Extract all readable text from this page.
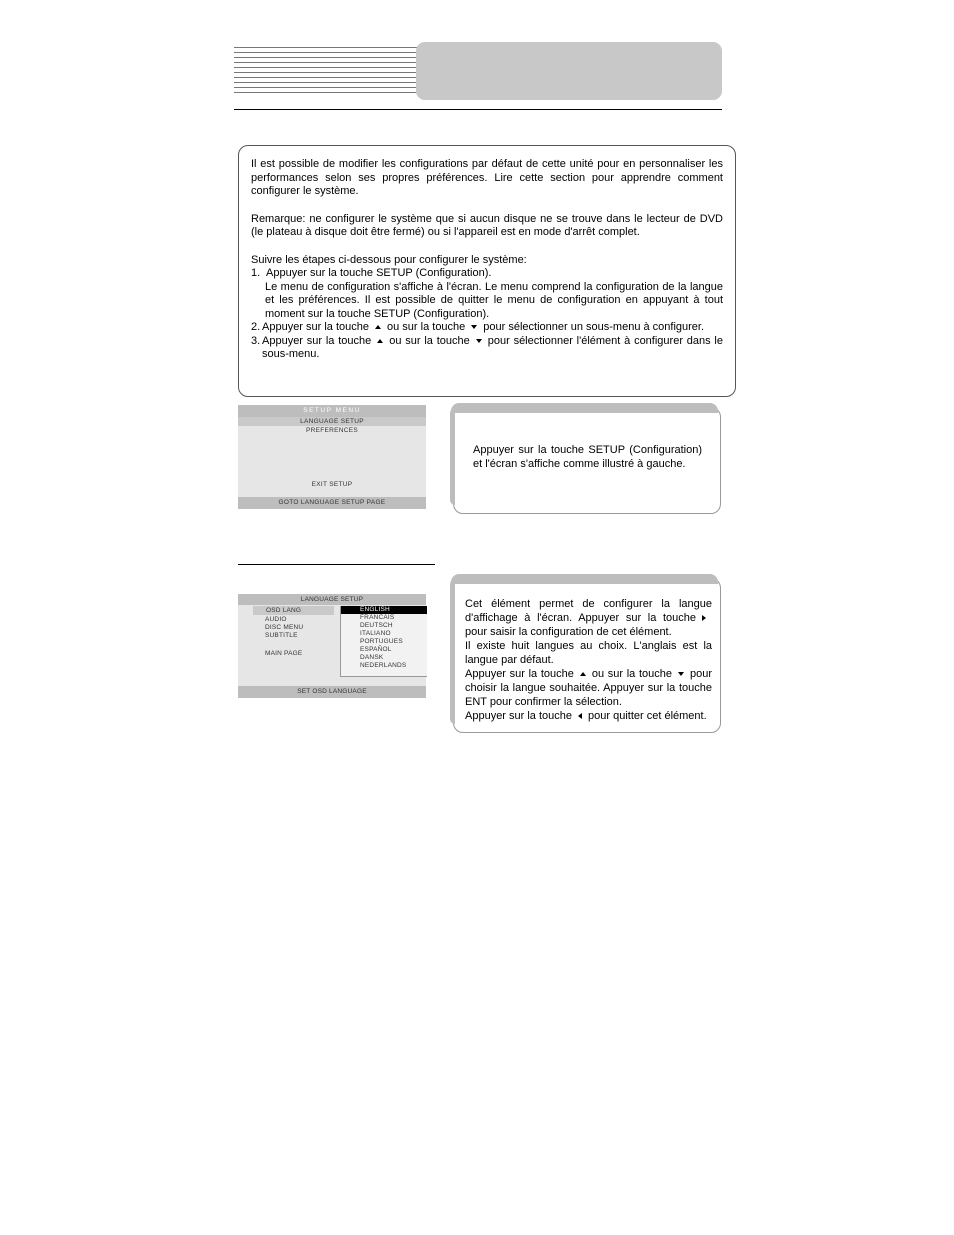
Il est possible de modifier les configurations par défaut de cette unité pour en personnaliser les performances selon ses propres préférences. Lire cette section pour apprendre comment configurer le système.

Remarque: ne configurer le système que si aucun disque ne se trouve dans le lecteur de DVD (le plateau à disque doit être fermé) ou si l'appareil est en mode d'arrêt complet.

Suivre les étapes ci-dessous pour configurer le système:
1. Appuyer sur la touche SETUP (Configuration).
Le menu de configuration s'affiche à l'écran. Le menu comprend la configuration de la langue et les préférences. Il est possible de quitter le menu de configuration en appuyant à tout moment sur la touche SETUP (Configuration).
2. Appuyer sur la touche ou sur la touche pour sélectionner un sous-menu à configurer.
3. Appuyer sur la touche ou sur la touche pour sélectionner l'élément à configurer dans le sous-menu.
SETUP MENU
LANGUAGE SETUP
PREFERENCES
EXIT SETUP
GOTO LANGUAGE SETUP PAGE
Appuyer sur la touche SETUP (Configuration) et l'écran s'affiche comme illustré à gauche.
LANGUAGE SETUP
OSD LANG
AUDIO
DISC MENU
SUBTITLE
MAIN PAGE
ENGLISH
FRANCAIS
DEUTSCH
ITALIANO
PORTUGUES
ESPAÑOL
DANSK
NEDERLANDS
SET OSD LANGUAGE
Cet élément permet de configurer la langue d'affichage à l'écran. Appuyer sur la touchepour saisir la configuration de cet élément.
Il existe huit langues au choix. L'anglais est la langue par défaut.
Appuyer sur la touche ou sur la touche pour choisir la langue souhaitée. Appuyer sur la touche ENT pour confirmer la sélection.
Appuyer sur la touche pour quitter cet élément.
